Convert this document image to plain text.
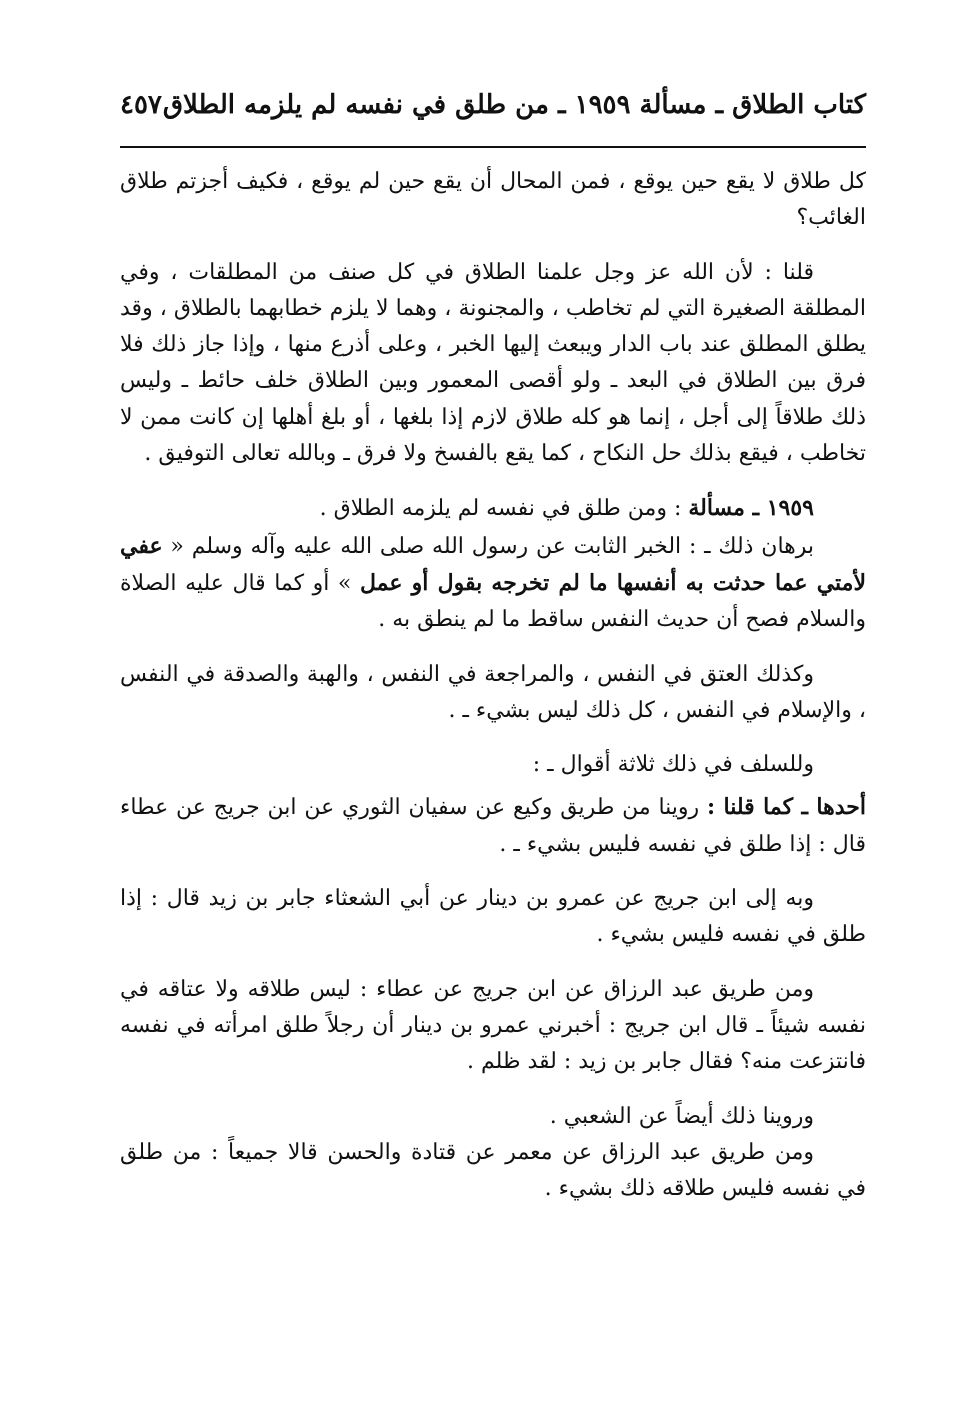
كتاب الطلاق ـ مسألة ١٩٥٩ ـ من طلق في نفسه لم يلزمه الطلاق
٤٥٧

كل طلاق لا يقع حين يوقع ، فمن المحال أن يقع حين لم يوقع ، فكيف أجزتم طلاق الغائب؟

قلنا : لأن الله عز وجل علمنا الطلاق في كل صنف من المطلقات ، وفي المطلقة الصغيرة التي لم تخاطب ، والمجنونة ، وهما لا يلزم خطابهما بالطلاق ، وقد يطلق المطلق عند باب الدار ويبعث إليها الخبر ، وعلى أذرع منها ، وإذا جاز ذلك فلا فرق بين الطلاق في البعد ـ ولو أقصى المعمور وبين الطلاق خلف حائط ـ وليس ذلك طلاقاً إلى أجل ، إنما هو كله طلاق لازم إذا بلغها ، أو بلغ أهلها إن كانت ممن لا تخاطب ، فيقع بذلك حل النكاح ، كما يقع بالفسخ ولا فرق ـ وبالله تعالى التوفيق .

١٩٥٩ ـ مسألة : ومن طلق في نفسه لم يلزمه الطلاق .

برهان ذلك ـ : الخبر الثابت عن رسول الله صلى الله عليه وآله وسلم « عفي لأمتي عما حدثت به أنفسها ما لم تخرجه بقول أو عمل » أو كما قال عليه الصلاة والسلام فصح أن حديث النفس ساقط ما لم ينطق به .

وكذلك العتق في النفس ، والمراجعة في النفس ، والهبة والصدقة في النفس ، والإسلام في النفس ، كل ذلك ليس بشيء ـ .

وللسلف في ذلك ثلاثة أقوال ـ :

أحدها ـ كما قلنا : روينا من طريق وكيع عن سفيان الثوري عن ابن جريج عن عطاء قال : إذا طلق في نفسه فليس بشيء ـ .

وبه إلى ابن جريج عن عمرو بن دينار عن أبي الشعثاء جابر بن زيد قال : إذا طلق في نفسه فليس بشيء .

ومن طريق عبد الرزاق عن ابن جريج عن عطاء : ليس طلاقه ولا عتاقه في نفسه شيئاً ـ قال ابن جريج : أخبرني عمرو بن دينار أن رجلاً طلق امرأته في نفسه فانتزعت منه؟ فقال جابر بن زيد : لقد ظلم .

وروينا ذلك أيضاً عن الشعبي .

ومن طريق عبد الرزاق عن معمر عن قتادة والحسن قالا جميعاً : من طلق في نفسه فليس طلاقه ذلك بشيء .
